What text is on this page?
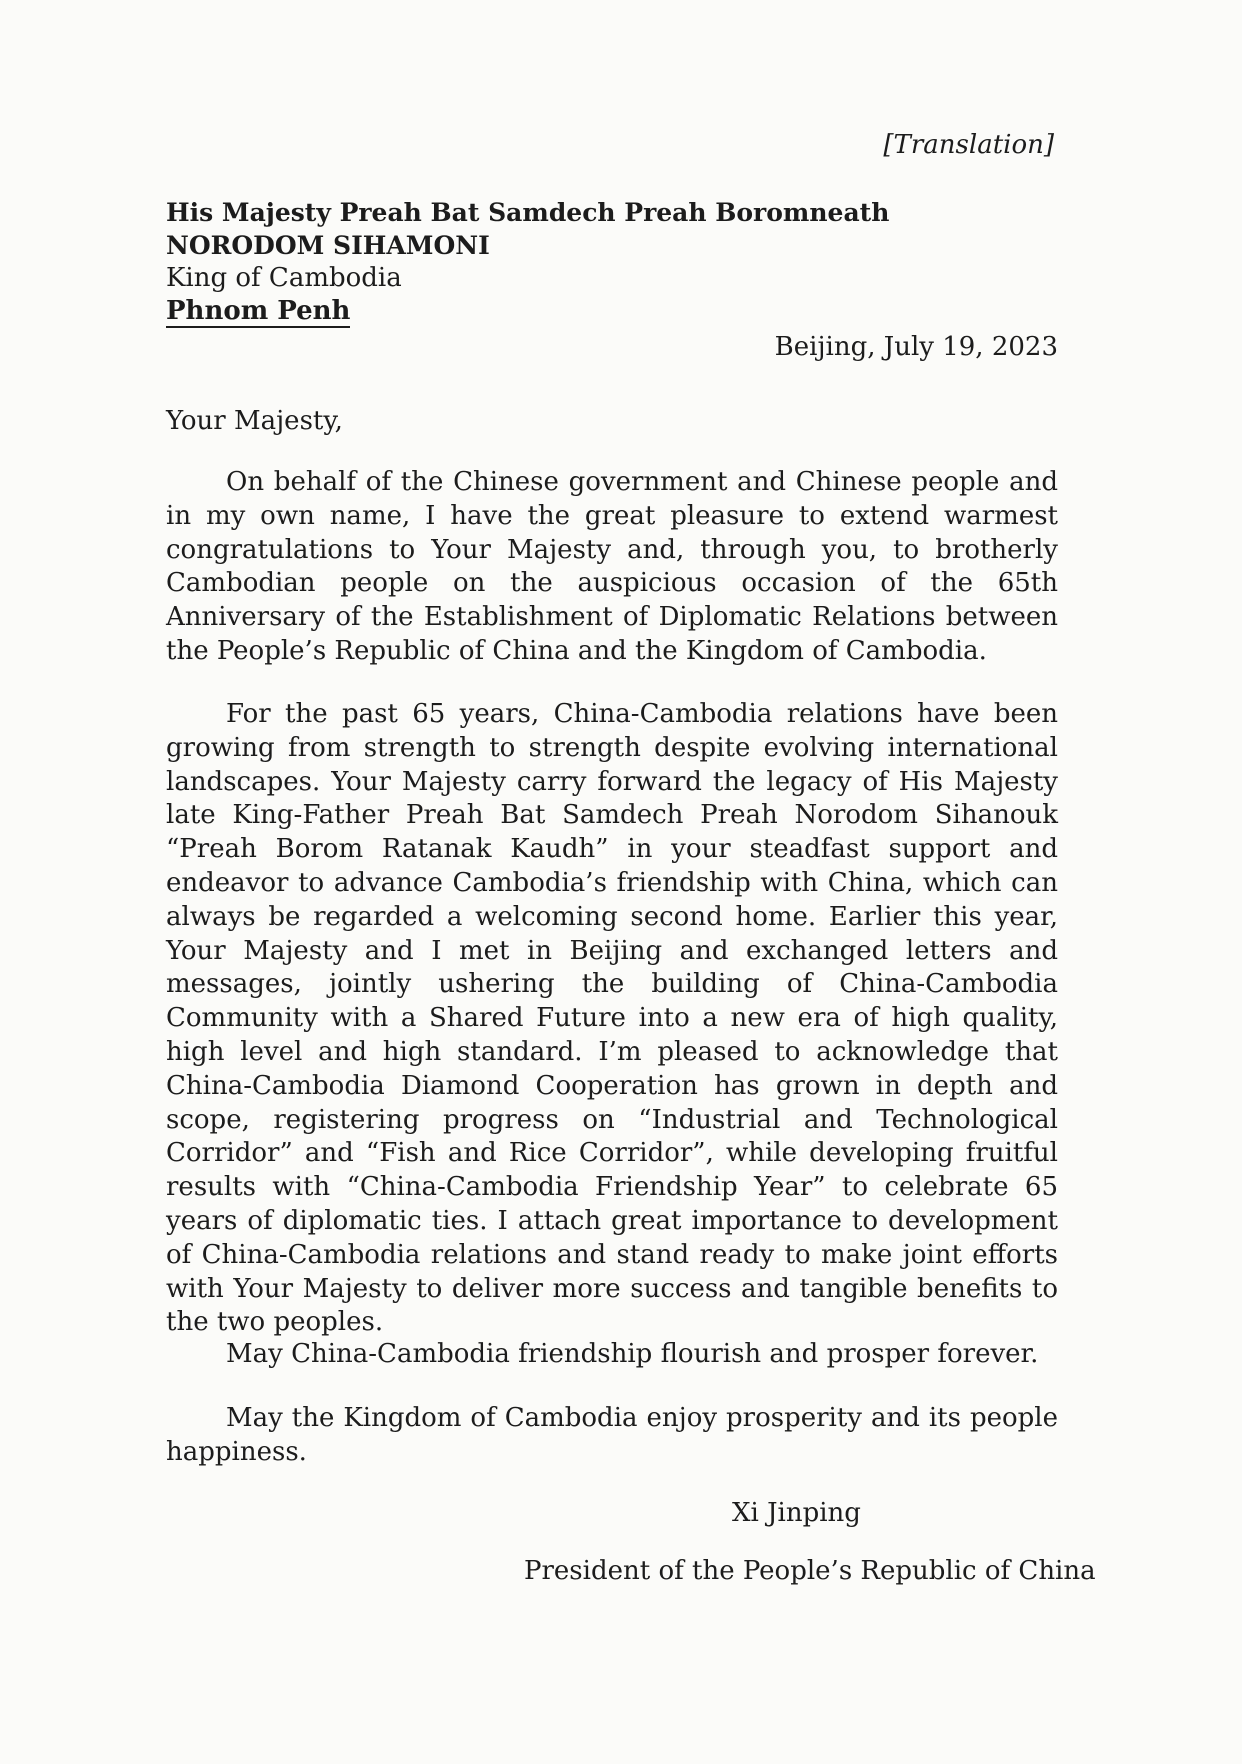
[Translation]
His Majesty Preah Bat Samdech Preah Boromneath
NORODOM SIHAMONI
King of Cambodia
Phnom Penh
Beijing, July 19, 2023
Your Majesty,

On behalf of the Chinese government and Chinese people and in my own name, I have the great pleasure to extend warmest congratulations to Your Majesty and, through you, to brotherly Cambodian people on the auspicious occasion of the 65th Anniversary of the Establishment of Diplomatic Relations between the People’s Republic of China and the Kingdom of Cambodia.

For the past 65 years, China-Cambodia relations have been growing from strength to strength despite evolving international landscapes. Your Majesty carry forward the legacy of His Majesty late King-Father Preah Bat Samdech Preah Norodom Sihanouk “Preah Borom Ratanak Kaudh” in your steadfast support and endeavor to advance Cambodia’s friendship with China, which can always be regarded a welcoming second home. Earlier this year, Your Majesty and I met in Beijing and exchanged letters and messages, jointly ushering the building of China-Cambodia Community with a Shared Future into a new era of high quality, high level and high standard. I’m pleased to acknowledge that China-Cambodia Diamond Cooperation has grown in depth and scope, registering progress on “Industrial and Technological Corridor” and “Fish and Rice Corridor”, while developing fruitful results with “China-Cambodia Friendship Year” to celebrate 65 years of diplomatic ties. I attach great importance to development of China-Cambodia relations and stand ready to make joint efforts with Your Majesty to deliver more success and tangible benefits to the two peoples.

May China-Cambodia friendship flourish and prosper forever.

May the Kingdom of Cambodia enjoy prosperity and its people happiness.

Xi Jinping
President of the People’s Republic of China
